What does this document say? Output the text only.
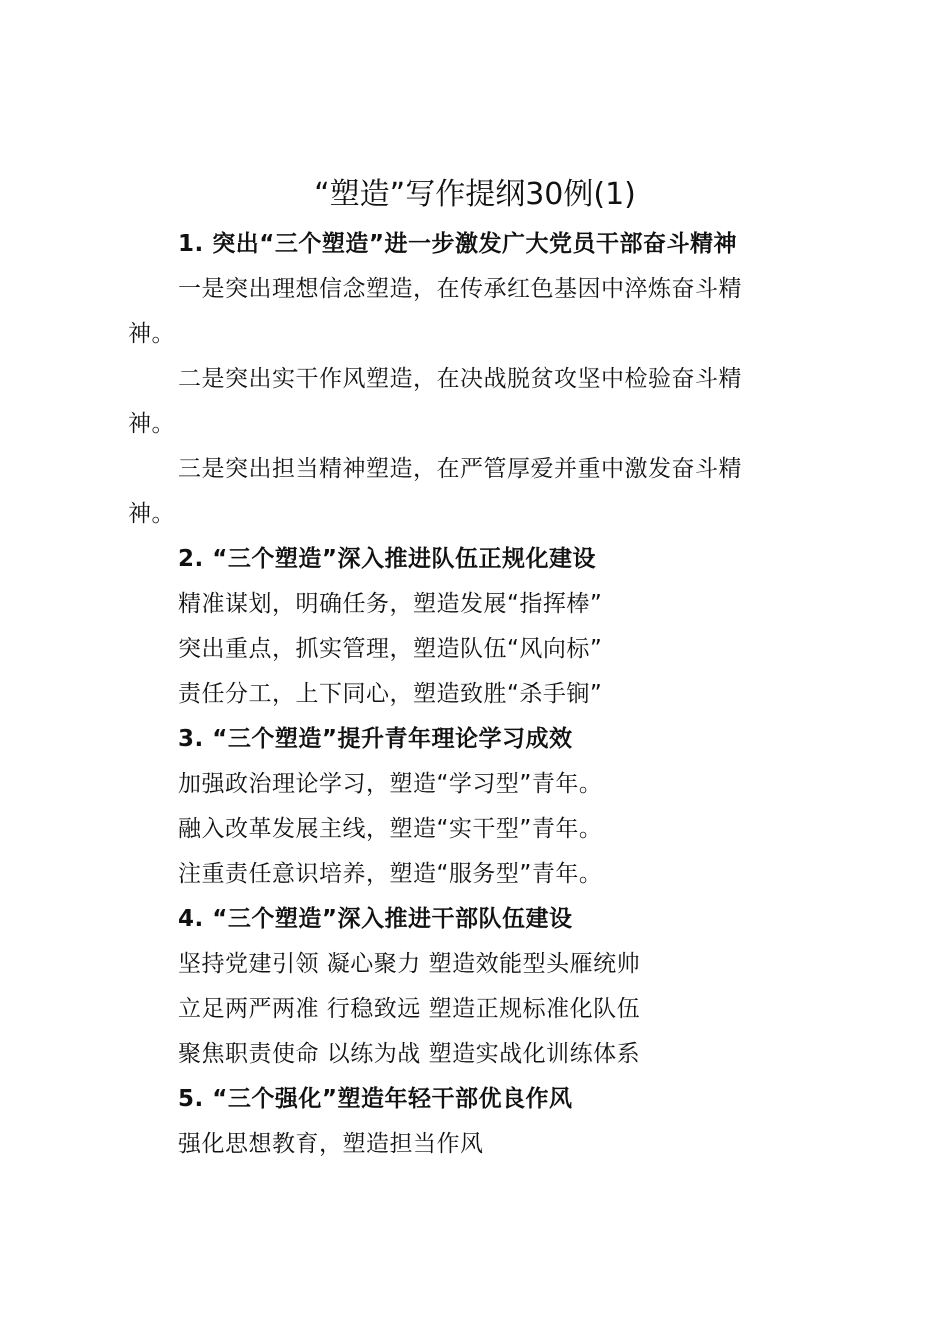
“塑造”写作提纲30例(1)

1. 突出“三个塑造”进一步激发广大党员干部奋斗精神

一是突出理想信念塑造，在传承红色基因中淬炼奋斗精

神。

二是突出实干作风塑造，在决战脱贫攻坚中检验奋斗精

神。

三是突出担当精神塑造，在严管厚爱并重中激发奋斗精

神。

2. “三个塑造”深入推进队伍正规化建设

精准谋划，明确任务，塑造发展“指挥棒”

突出重点，抓实管理，塑造队伍“风向标”

责任分工，上下同心，塑造致胜“杀手锏”

3. “三个塑造”提升青年理论学习成效

加强政治理论学习，塑造“学习型”青年。

融入改革发展主线，塑造“实干型”青年。

注重责任意识培养，塑造“服务型”青年。

4. “三个塑造”深入推进干部队伍建设

坚持党建引领 凝心聚力 塑造效能型头雁统帅

立足两严两准 行稳致远 塑造正规标准化队伍

聚焦职责使命 以练为战 塑造实战化训练体系

5. “三个强化”塑造年轻干部优良作风

强化思想教育，塑造担当作风
